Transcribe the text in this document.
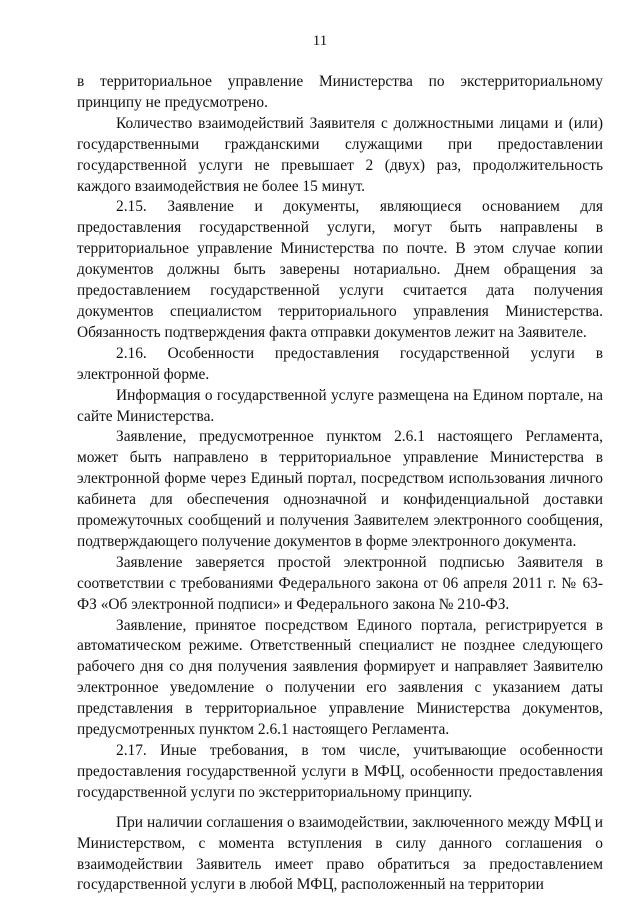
11

в территориальное управление Министерства по экстерриториальному принципу не предусмотрено.

Количество взаимодействий Заявителя с должностными лицами и (или) государственными гражданскими служащими при предоставлении государственной услуги не превышает 2 (двух) раз, продолжительность каждого взаимодействия не более 15 минут.

2.15. Заявление и документы, являющиеся основанием для предоставления государственной услуги, могут быть направлены в территориальное управление Министерства по почте. В этом случае копии документов должны быть заверены нотариально. Днем обращения за предоставлением государственной услуги считается дата получения документов специалистом территориального управления Министерства. Обязанность подтверждения факта отправки документов лежит на Заявителе.

2.16. Особенности предоставления государственной услуги в электронной форме.

Информация о государственной услуге размещена на Едином портале, на сайте Министерства.

Заявление, предусмотренное пунктом 2.6.1 настоящего Регламента, может быть направлено в территориальное управление Министерства в электронной форме через Единый портал, посредством использования личного кабинета для обеспечения однозначной и конфиденциальной доставки промежуточных сообщений и получения Заявителем электронного сообщения, подтверждающего получение документов в форме электронного документа.

Заявление заверяется простой электронной подписью Заявителя в соответствии с требованиями Федерального закона от 06 апреля 2011 г. № 63-ФЗ «Об электронной подписи» и Федерального закона № 210-ФЗ.

Заявление, принятое посредством Единого портала, регистрируется в автоматическом режиме. Ответственный специалист не позднее следующего рабочего дня со дня получения заявления формирует и направляет Заявителю электронное уведомление о получении его заявления с указанием даты представления в территориальное управление Министерства документов, предусмотренных пунктом 2.6.1 настоящего Регламента.

2.17. Иные требования, в том числе, учитывающие особенности предоставления государственной услуги в МФЦ, особенности предоставления государственной услуги по экстерриториальному принципу.

При наличии соглашения о взаимодействии, заключенного между МФЦ и Министерством, с момента вступления в силу данного соглашения о взаимодействии Заявитель имеет право обратиться за предоставлением государственной услуги в любой МФЦ, расположенный на территории
